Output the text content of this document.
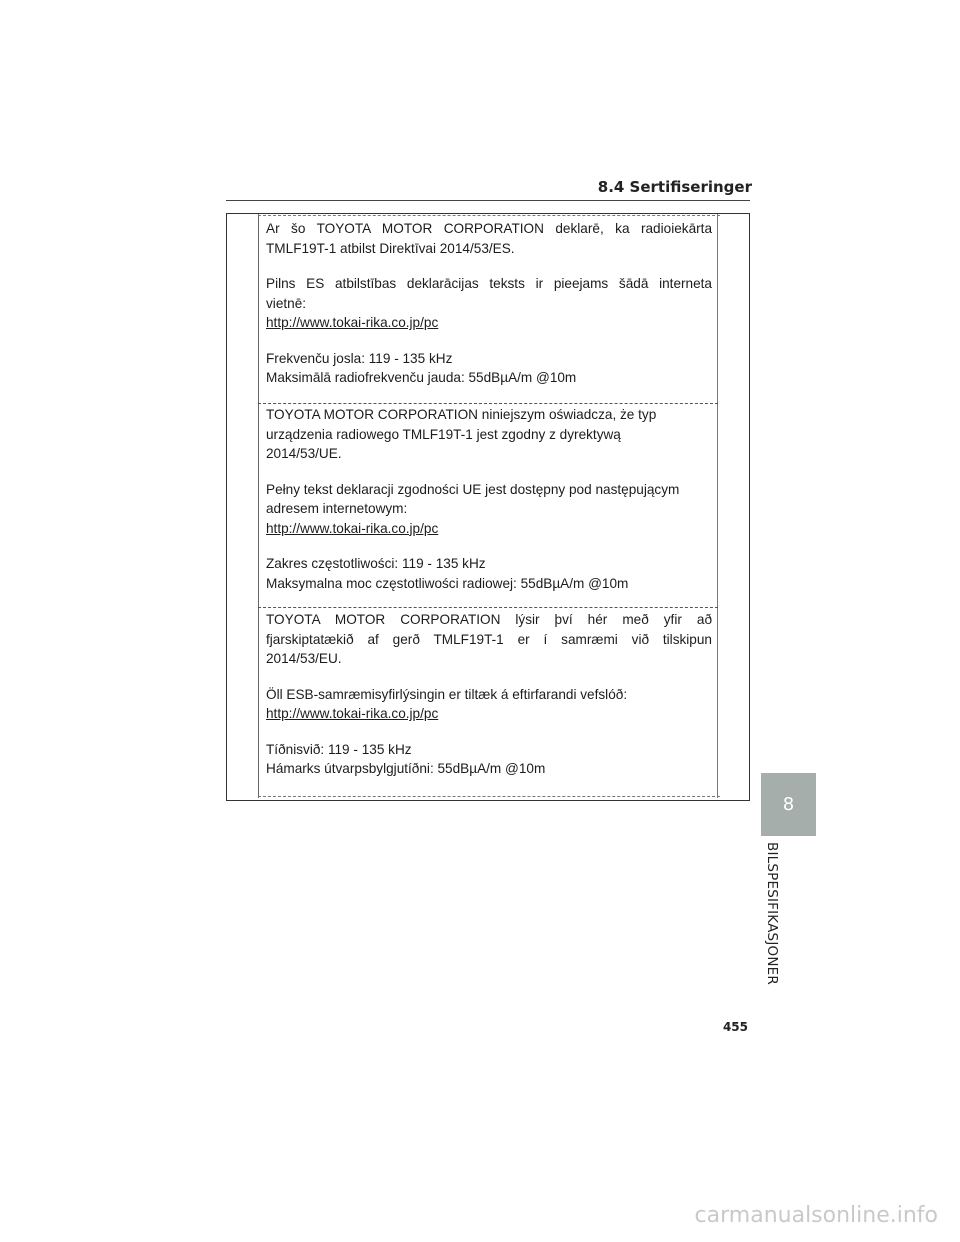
8.4 Sertifiseringer

Ar šo TOYOTA MOTOR CORPORATION deklarē, ka radioiekārta
TMLF19T-1 atbilst Direktīvai 2014/53/ES.

Pilns ES atbilstības deklarācijas teksts ir pieejams šādā interneta
vietnē:
http://www.tokai-rika.co.jp/pc

Frekvenču josla: 119 - 135 kHz
Maksimālā radiofrekvenču jauda: 55dBµA/m @10m

TOYOTA MOTOR CORPORATION niniejszym oświadcza, że typ
urządzenia radiowego TMLF19T-1 jest zgodny z dyrektywą
2014/53/UE.

Pełny tekst deklaracji zgodności UE jest dostępny pod następującym
adresem internetowym:
http://www.tokai-rika.co.jp/pc

Zakres częstotliwości: 119 - 135 kHz
Maksymalna moc częstotliwości radiowej: 55dBµA/m @10m

TOYOTA MOTOR CORPORATION lýsir því hér með yfir að
fjarskiptatækið af gerð TMLF19T-1 er í samræmi við tilskipun
2014/53/EU.

Öll ESB-samræmisyfirlýsingin er tiltæk á eftirfarandi vefslóð:
http://www.tokai-rika.co.jp/pc

Tíðnisvið: 119 - 135 kHz
Hámarks útvarpsbylgjutíðni: 55dBµA/m @10m

8
BILSPESIFIKASJONER
455
carmanualsonline.info
